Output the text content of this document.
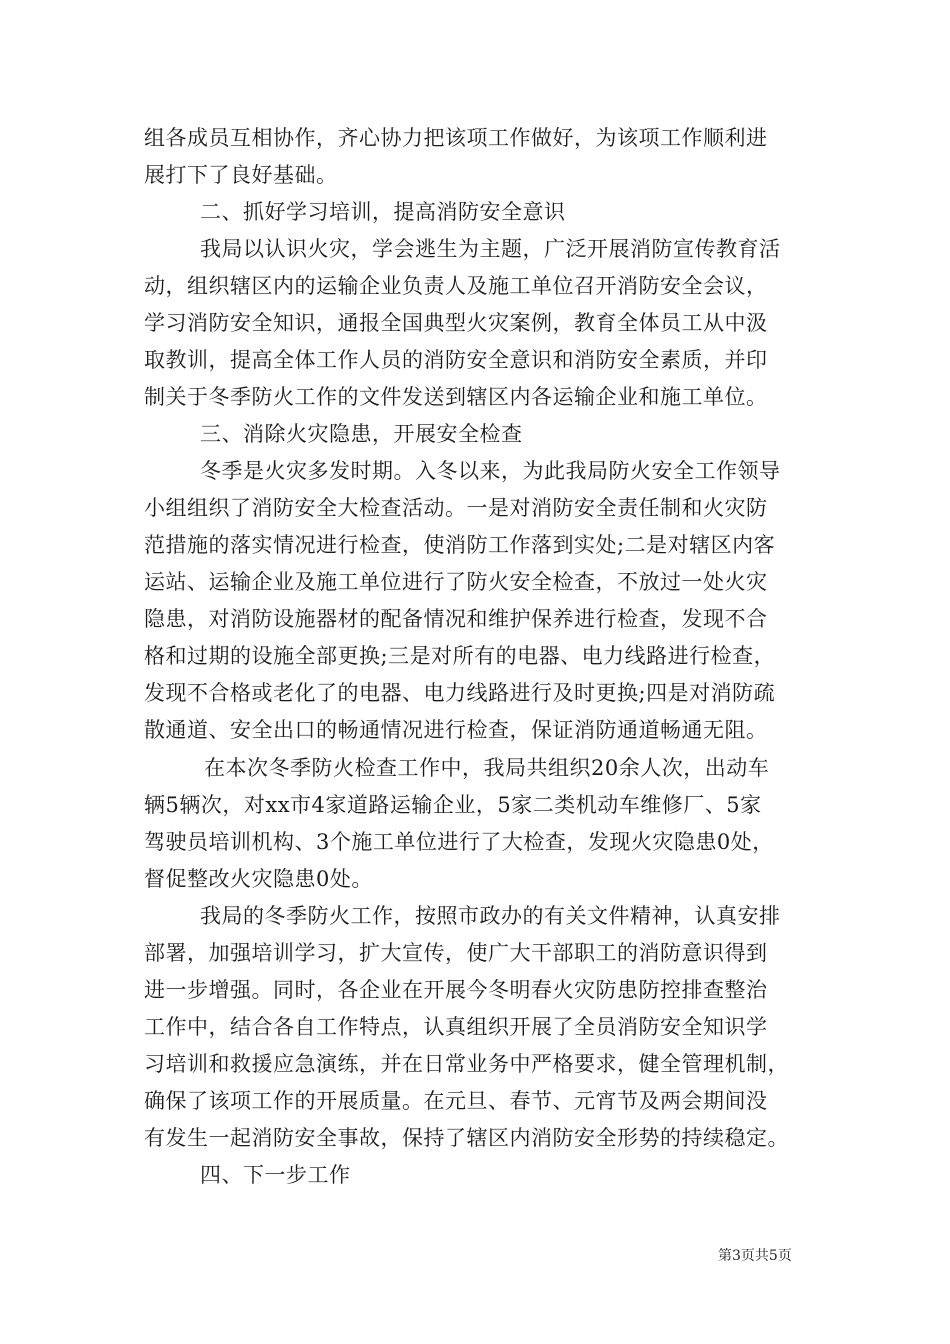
组各成员互相协作，齐心协力把该项工作做好，为该项工作顺利进
展打下了良好基础。
二、抓好学习培训，提高消防安全意识
我局以认识火灾，学会逃生为主题，广泛开展消防宣传教育活
动，组织辖区内的运输企业负责人及施工单位召开消防安全会议，
学习消防安全知识，通报全国典型火灾案例，教育全体员工从中汲
取教训，提高全体工作人员的消防安全意识和消防安全素质，并印
制关于冬季防火工作的文件发送到辖区内各运输企业和施工单位。
三、消除火灾隐患，开展安全检查
冬季是火灾多发时期。入冬以来，为此我局防火安全工作领导
小组组织了消防安全大检查活动。一是对消防安全责任制和火灾防
范措施的落实情况进行检查，使消防工作落到实处;二是对辖区内客
运站、运输企业及施工单位进行了防火安全检查，不放过一处火灾
隐患，对消防设施器材的配备情况和维护保养进行检查，发现不合
格和过期的设施全部更换;三是对所有的电器、电力线路进行检查，
发现不合格或老化了的电器、电力线路进行及时更换;四是对消防疏
散通道、安全出口的畅通情况进行检查，保证消防通道畅通无阻。
在本次冬季防火检查工作中，我局共组织20余人次，出动车
辆5辆次，对xx市4家道路运输企业，5家二类机动车维修厂、5家
驾驶员培训机构、3个施工单位进行了大检查，发现火灾隐患0处，
督促整改火灾隐患0处。
我局的冬季防火工作，按照市政办的有关文件精神，认真安排
部署，加强培训学习，扩大宣传，使广大干部职工的消防意识得到
进一步增强。同时，各企业在开展今冬明春火灾防患防控排查整治
工作中，结合各自工作特点，认真组织开展了全员消防安全知识学
习培训和救援应急演练，并在日常业务中严格要求，健全管理机制，
确保了该项工作的开展质量。在元旦、春节、元宵节及两会期间没
有发生一起消防安全事故，保持了辖区内消防安全形势的持续稳定。
四、下一步工作
第3页共5页
